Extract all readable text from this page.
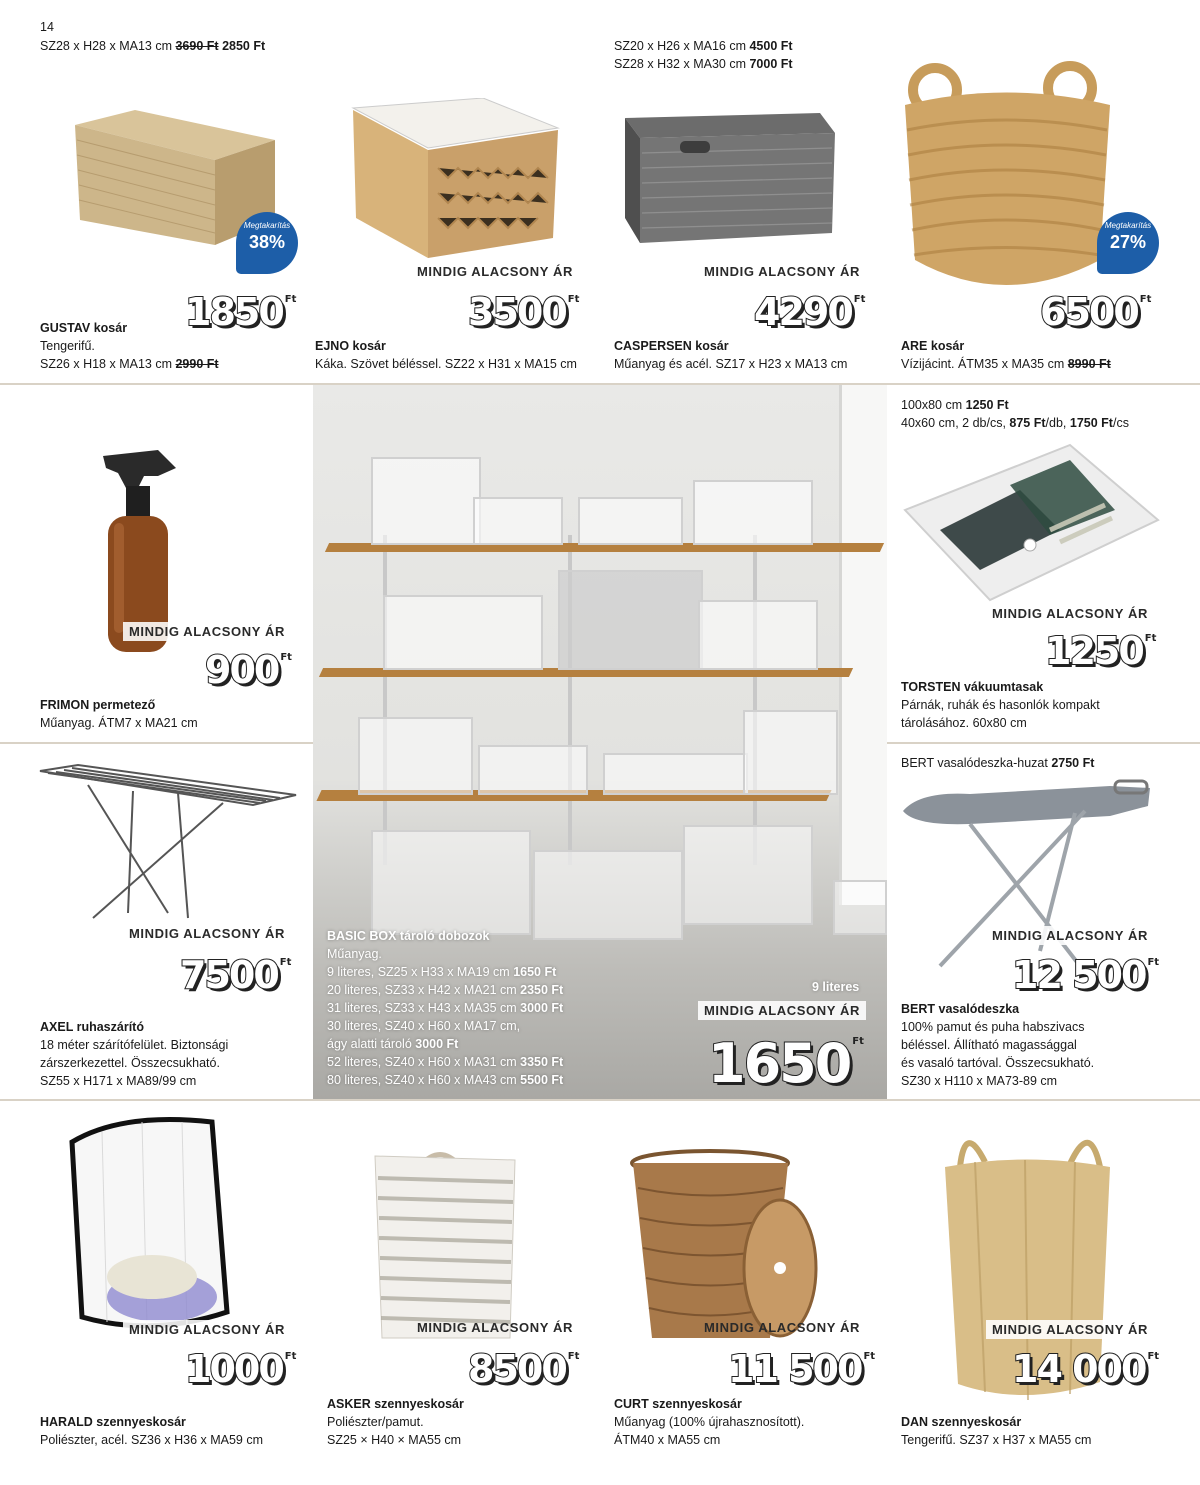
14
SZ28 x H28 x MA13 cm 3690 Ft 2850 Ft
Megtakarítás
38%
1850 $^{Ft}$
GUSTAV kosár
Tengerifű.
SZ26 x H18 x MA13 cm 2990 Ft
MINDIG ALACSONY ÁR
3500 $^{Ft}$
EJNO kosár
Káka. Szövet béléssel. SZ22 x H31 x MA15 cm
SZ20 x H26 x MA16 cm 4500 Ft
SZ28 x H32 x MA30 cm 7000 Ft
MINDIG ALACSONY ÁR
4290 $^{Ft}$
CASPERSEN kosár
Műanyag és acél. SZ17 x H23 x MA13 cm
Megtakarítás
27%
6500 $^{Ft}$
ARE kosár
Vízijácint. ÁTM35 x MA35 cm 8990 Ft
BASIC BOX tároló dobozok
Műanyag.
9 literes, SZ25 x H33 x MA19 cm 1650 Ft
20 literes, SZ33 x H42 x MA21 cm 2350 Ft
31 literes, SZ33 x H43 x MA35 cm 3000 Ft
30 literes, SZ40 x H60 x MA17 cm,
ágy alatti tároló 3000 Ft
52 literes, SZ40 x H60 x MA31 cm 3350 Ft
80 literes, SZ40 x H60 x MA43 cm 5500 Ft
9 literes
MINDIG ALACSONY ÁR
1650 $^{Ft}$
MINDIG ALACSONY ÁR
900 $^{Ft}$
FRIMON permetező
Műanyag. ÁTM7 x MA21 cm
MINDIG ALACSONY ÁR
7500 $^{Ft}$
AXEL ruhaszárító
18 méter szárítófelület. Biztonsági
zárszerkezettel. Összecsukható.
SZ55 x H171 x MA89/99 cm
100x80 cm 1250 Ft
40x60 cm, 2 db/cs, 875 Ft/db, 1750 Ft/cs
MINDIG ALACSONY ÁR
1250 $^{Ft}$
TORSTEN vákuumtasak
Párnák, ruhák és hasonlók kompakt
tárolásához. 60x80 cm
BERT vasalódeszka-huzat 2750 Ft
MINDIG ALACSONY ÁR
12 500 $^{Ft}$
BERT vasalódeszka
100% pamut és puha habszivacs
béléssel. Állítható magassággal
és vasaló tartóval. Összecsukható.
SZ30 x H110 x MA73-89 cm
MINDIG ALACSONY ÁR
1000 $^{Ft}$
HARALD szennyeskosár
Poliészter, acél. SZ36 x H36 x MA59 cm
MINDIG ALACSONY ÁR
8500 $^{Ft}$
ASKER szennyeskosár
Poliészter/pamut.
SZ25 × H40 × MA55 cm
MINDIG ALACSONY ÁR
11 500 $^{Ft}$
CURT szennyeskosár
Műanyag (100% újrahasznosított).
ÁTM40 x MA55 cm
MINDIG ALACSONY ÁR
14 000 $^{Ft}$
DAN szennyeskosár
Tengerifű. SZ37 x H37 x MA55 cm
